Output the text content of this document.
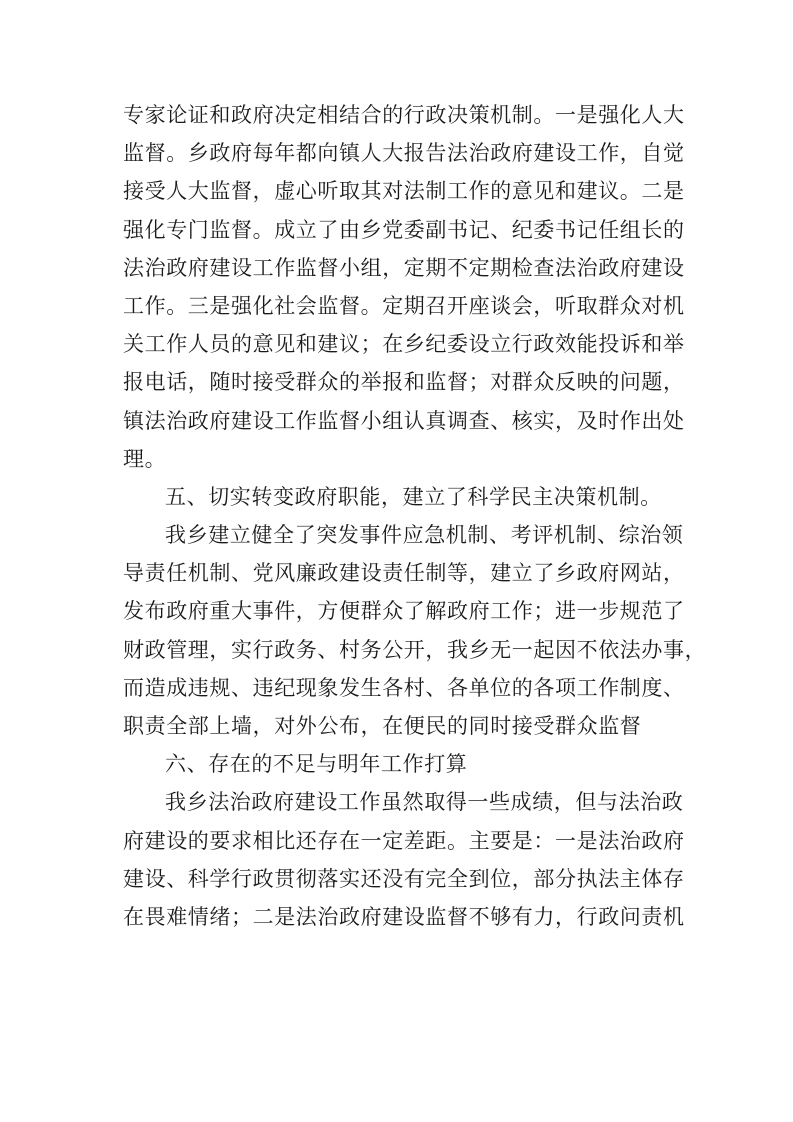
专家论证和政府决定相结合的行政决策机制。一是强化人大
监督。乡政府每年都向镇人大报告法治政府建设工作，自觉
接受人大监督，虚心听取其对法制工作的意见和建议。二是
强化专门监督。成立了由乡党委副书记、纪委书记任组长的
法治政府建设工作监督小组，定期不定期检查法治政府建设
工作。三是强化社会监督。定期召开座谈会，听取群众对机
关工作人员的意见和建议；在乡纪委设立行政效能投诉和举
报电话，随时接受群众的举报和监督；对群众反映的问题，
镇法治政府建设工作监督小组认真调查、核实，及时作出处
理。
五、切实转变政府职能，建立了科学民主决策机制。
我乡建立健全了突发事件应急机制、考评机制、综治领
导责任机制、党风廉政建设责任制等，建立了乡政府网站，
发布政府重大事件，方便群众了解政府工作；进一步规范了
财政管理，实行政务、村务公开，我乡无一起因不依法办事，
而造成违规、违纪现象发生各村、各单位的各项工作制度、
职责全部上墙，对外公布，在便民的同时接受群众监督
六、存在的不足与明年工作打算
我乡法治政府建设工作虽然取得一些成绩，但与法治政
府建设的要求相比还存在一定差距。主要是：一是法治政府
建设、科学行政贯彻落实还没有完全到位，部分执法主体存
在畏难情绪；二是法治政府建设监督不够有力，行政问责机
